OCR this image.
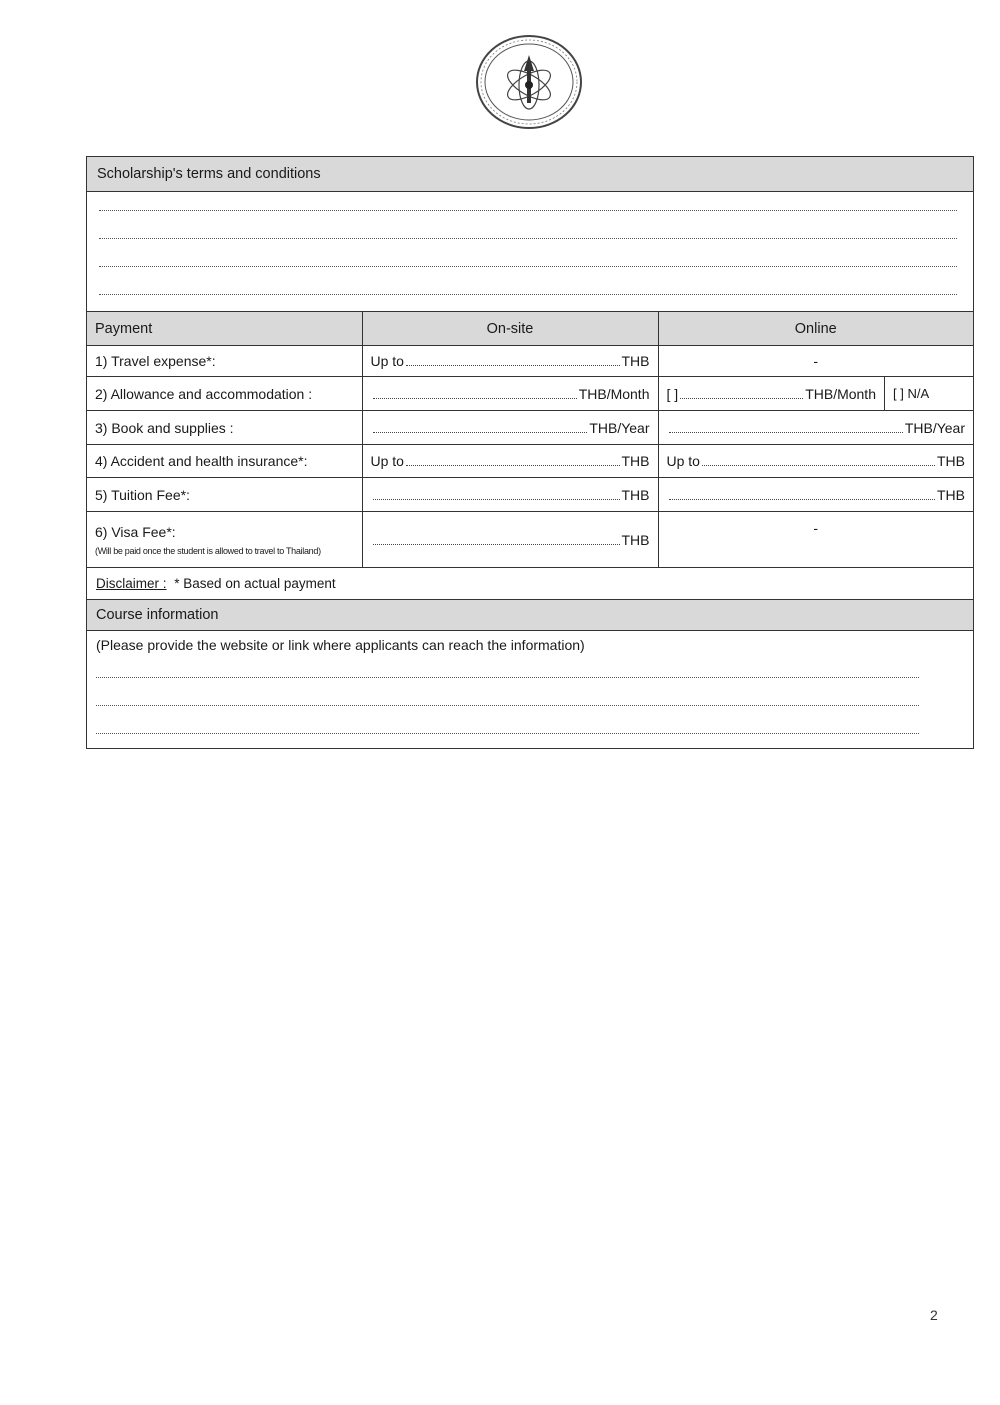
Scholarship's terms and conditions
Payment	On-site	Online
1) Travel expense*:	Up to THB	-
2) Allowance and accommodation :	THB/Month	[ ] THB/Month [ ] N/A

3) Book and supplies :	THB/Year	THB/Year

4) Accident and health insurance*:	Up to THB	Up to THB

5) Tuition Fee*:	THB	THB

6) Visa Fee*:
(Will be paid once the student is allowed to travel to Thailand)	THB	-
Disclaimer : * Based on actual payment
Course information
(Please provide the website or link where applicants can reach the information)
2
